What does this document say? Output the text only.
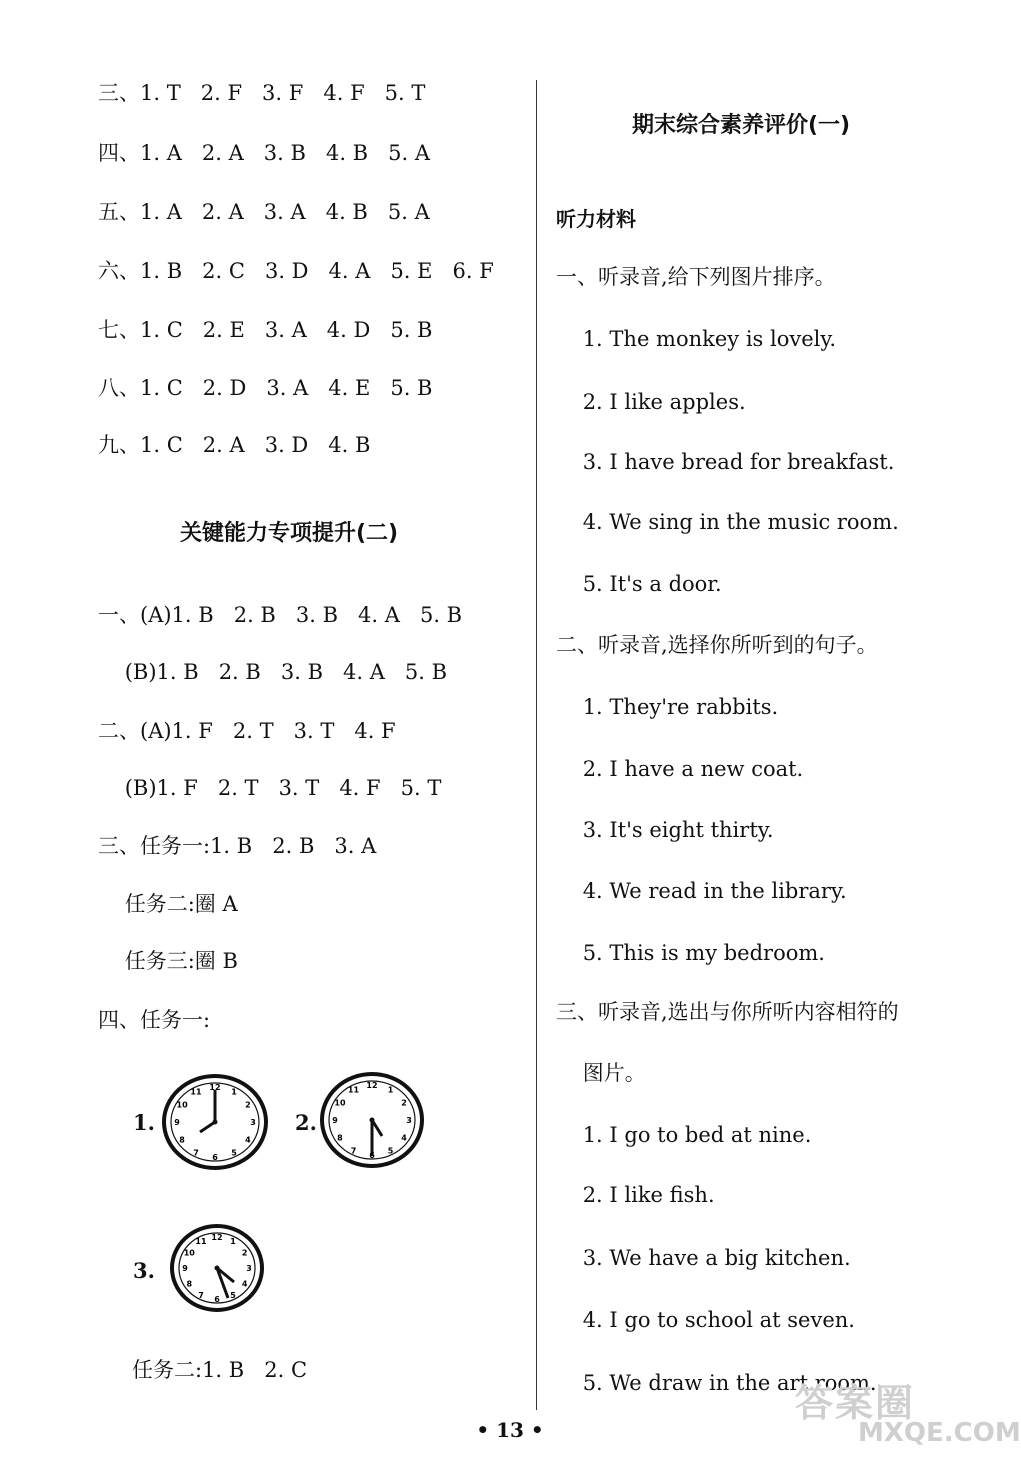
三、1. T   2. F   3. F   4. F   5. T
四、1. A   2. A   3. B   4. B   5. A
五、1. A   2. A   3. A   4. B   5. A
六、1. B   2. C   3. D   4. A   5. E   6. F
七、1. C   2. E   3. A   4. D   5. B
八、1. C   2. D   3. A   4. E   5. B
九、1. C   2. A   3. D   4. B
关键能力专项提升(二)
一、(A)1. B   2. B   3. B   4. A   5. B
(B)1. B   2. B   3. B   4. A   5. B
二、(A)1. F   2. T   3. T   4. F
(B)1. F   2. T   3. T   4. F   5. T
三、任务一:1. B   2. B   3. A
任务二:圈 A
任务三:圈 B
四、任务一:
1.
1
2
3
4
5
6
7
8
9
10
11
12
2.
1
2
3
4
5
6
7
8
9
10
11
12
3.
1
2
3
4
5
6
7
8
9
10
11 12
任务二:1. B   2. C
期末综合素养评价(一)
听力材料
一、听录音,给下列图片排序。
1. The monkey is lovely.
2. I like apples.
3. I have bread for breakfast.
4. We sing in the music room.
5. It's a door.
二、听录音,选择你所听到的句子。
1. They're rabbits.
2. I have a new coat.
3. It's eight thirty.
4. We read in the library.
5. This is my bedroom.
三、听录音,选出与你所听内容相符的
图片。
1. I go to bed at nine.
2. I like fish.
3. We have a big kitchen.
4. I go to school at seven.
5. We draw in the art room.
• 13 •
答案圈
MXQE.COM
